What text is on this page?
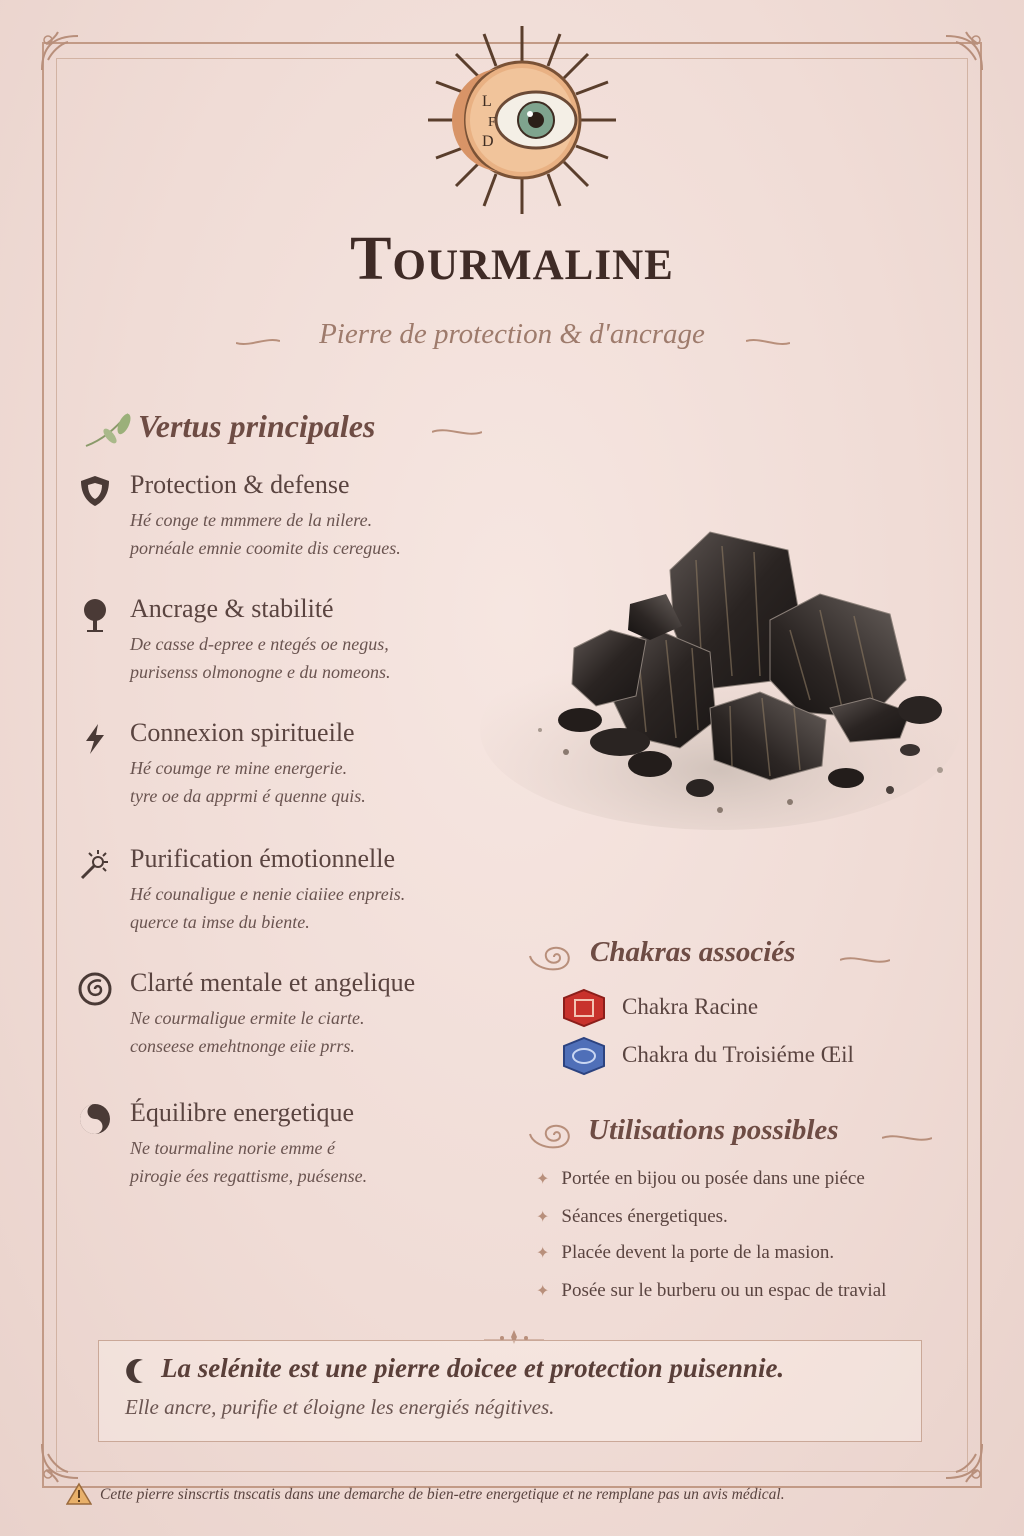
L
F
D
Tourmaline
Pierre de protection & d'ancrage
Vertus principales
Protection & defense
Hé conge te mmmere de la nilere.
pornéale emnie coomite dis ceregues.
Ancrage & stabilité
De casse d-epree e ntegés oe negus,
purisenss olmonogne e du nomeons.
Connexion spiritueile
Hé coumge re mine energerie.
tyre oe da apprmi é quenne quis.
Purification émotionnelle
Hé counaligue e nenie ciaiiee enpreis.
querce ta imse du biente.
Clarté mentale et angelique
Ne courmaligue ermite le ciarte.
conseese emehtnonge eiie prrs.
Équilibre energetique
Ne tourmaline norie emme é
pirogie ées regattisme, puésense.
Chakras associés
Chakra Racine
Chakra du Troisiéme Œil
Utilisations possibles
✦ Portée en bijou ou posée dans une piéce
✦ Séances énergetiques.
✦ Placée devent la porte de la masion.
✦ Posée sur le burberu ou un espac de travial
La selénite est une pierre doicee et protection puisennie.
Elle ancre, purifie et éloigne les energiés négitives.
Cette pierre sinscrtis tnscatis dans une demarche de bien-etre energetique et ne remplane pas un avis médical.
